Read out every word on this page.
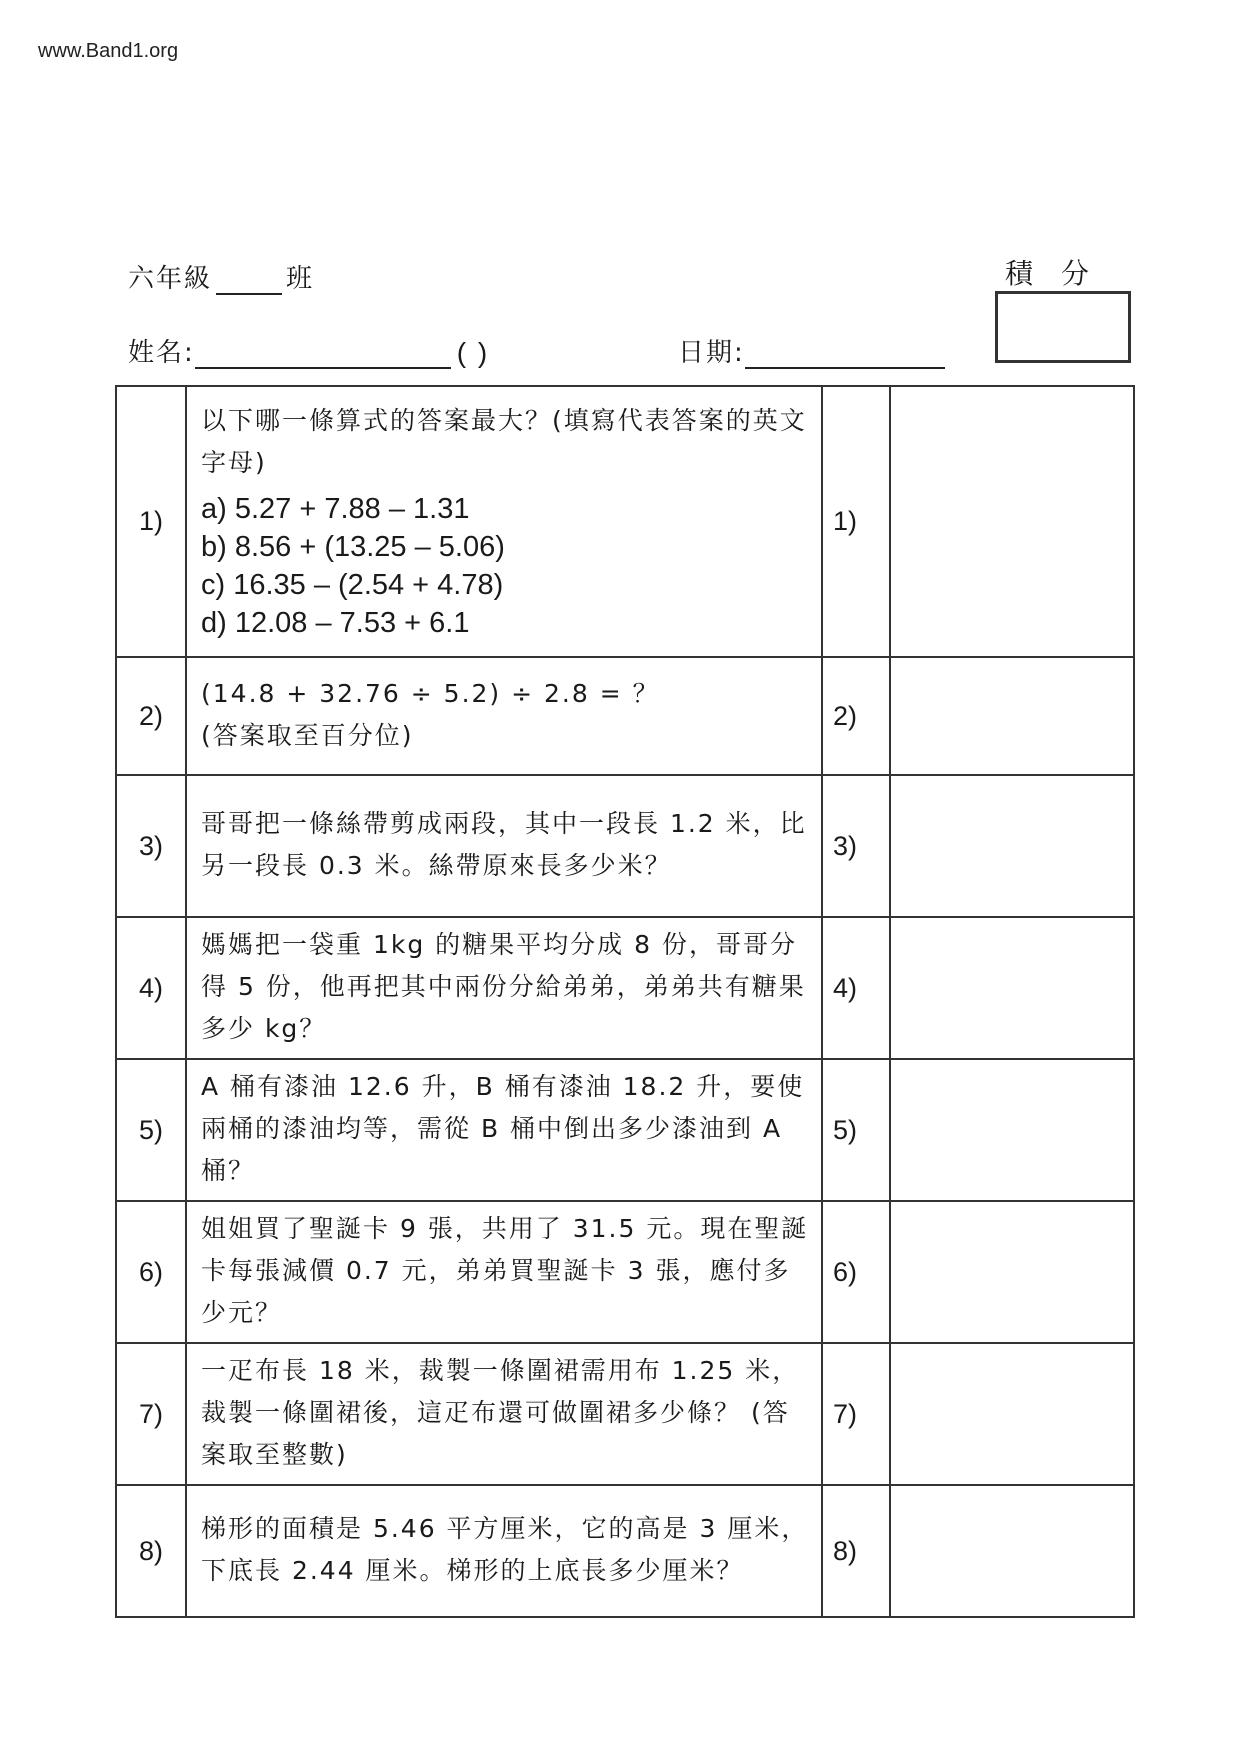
www.Band1.org
六年級	班
姓名:	( )	日期:
積分
1)	以下哪一條算式的答案最大？(填寫代表答案的英文字母)
a) 5.27 + 7.88 – 1.31
b) 8.56 + (13.25 – 5.06)
c) 16.35 – (2.54 + 4.78)
d) 12.08 – 7.53 + 6.1	1)	
2)	(14.8 + 32.76 ÷ 5.2) ÷ 2.8 = ？
(答案取至百分位)	2)	
3)	哥哥把一條絲帶剪成兩段，其中一段長 1.2 米，比另一段長 0.3 米。絲帶原來長多少米？	3)	
4)	媽媽把一袋重 1kg 的糖果平均分成 8 份，哥哥分得 5 份，他再把其中兩份分給弟弟，弟弟共有糖果多少 kg？	4)	
5)	A 桶有漆油 12.6 升，B 桶有漆油 18.2 升，要使兩桶的漆油均等，需從 B 桶中倒出多少漆油到 A 桶？	5)	
6)	姐姐買了聖誕卡 9 張，共用了 31.5 元。現在聖誕卡每張減價 0.7 元，弟弟買聖誕卡 3 張，應付多少元？	6)	
7)	一疋布長 18 米，裁製一條圍裙需用布 1.25 米，裁製一條圍裙後，這疋布還可做圍裙多少條？ (答案取至整數)	7)	
8)	梯形的面積是 5.46 平方厘米，它的高是 3 厘米，下底長 2.44 厘米。梯形的上底長多少厘米？	8)	
